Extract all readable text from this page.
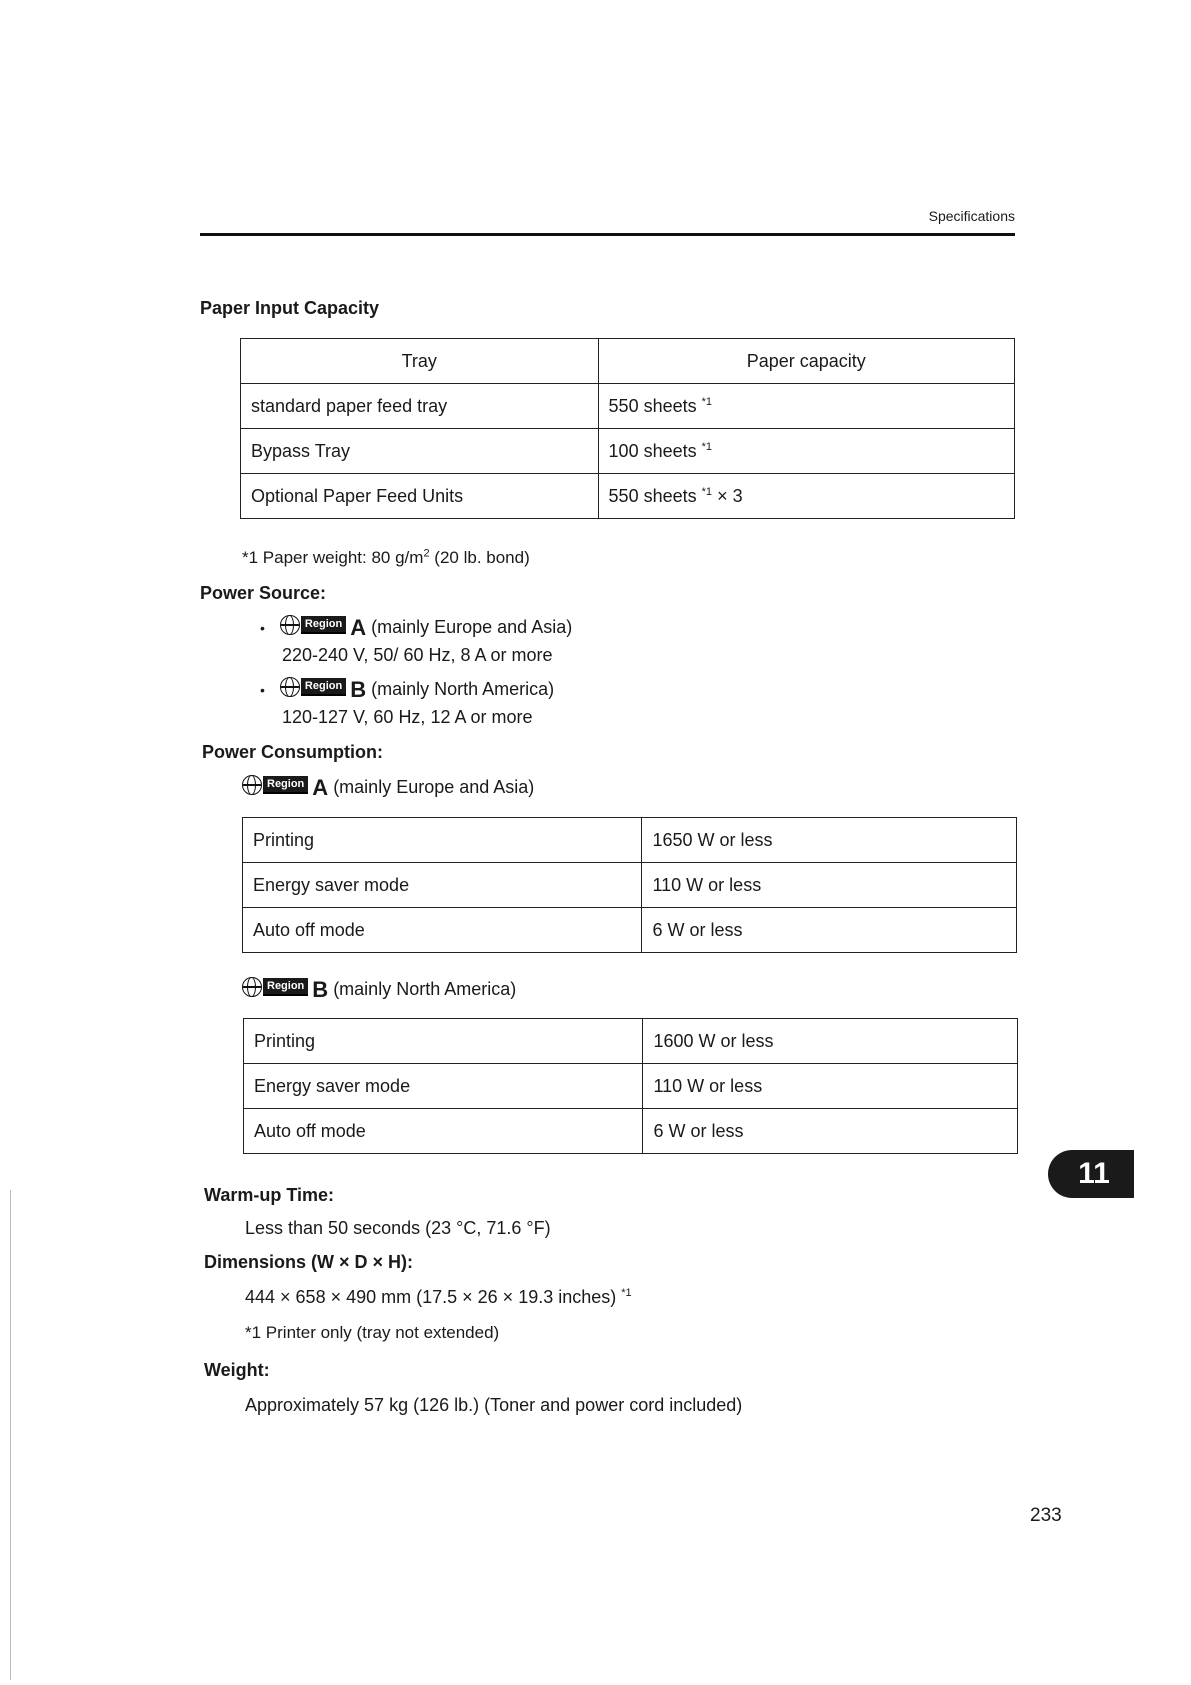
Specifications
Paper Input Capacity
Tray	Paper capacity
standard paper feed tray	550 sheets $^{*1}$
Bypass Tray	100 sheets $^{*1}$
Optional Paper Feed Units	550 sheets $^{*1}$ × 3
*1 Paper weight: 80 $g/m^2$ (20 lb. bond)
Power Source:
•	Region A (mainly Europe and Asia)
220-240 V, 50/ 60 Hz, 8 A or more
•	Region B (mainly North America)
120-127 V, 60 Hz, 12 A or more
Power Consumption:
Region A (mainly Europe and Asia)
Printing	1650 W or less
Energy saver mode	110 W or less
Auto off mode	6 W or less
Region B (mainly North America)
Printing	1600 W or less
Energy saver mode	110 W or less
Auto off mode	6 W or less
Warm-up Time:
Less than 50 seconds (23 °C, 71.6 °F)
Dimensions (W × D × H):
444 × 658 × 490 mm (17.5 × 26 × 19.3 inches) $^{*1}$
*1 Printer only (tray not extended)
Weight:
Approximately 57 kg (126 lb.) (Toner and power cord included)
11
233
